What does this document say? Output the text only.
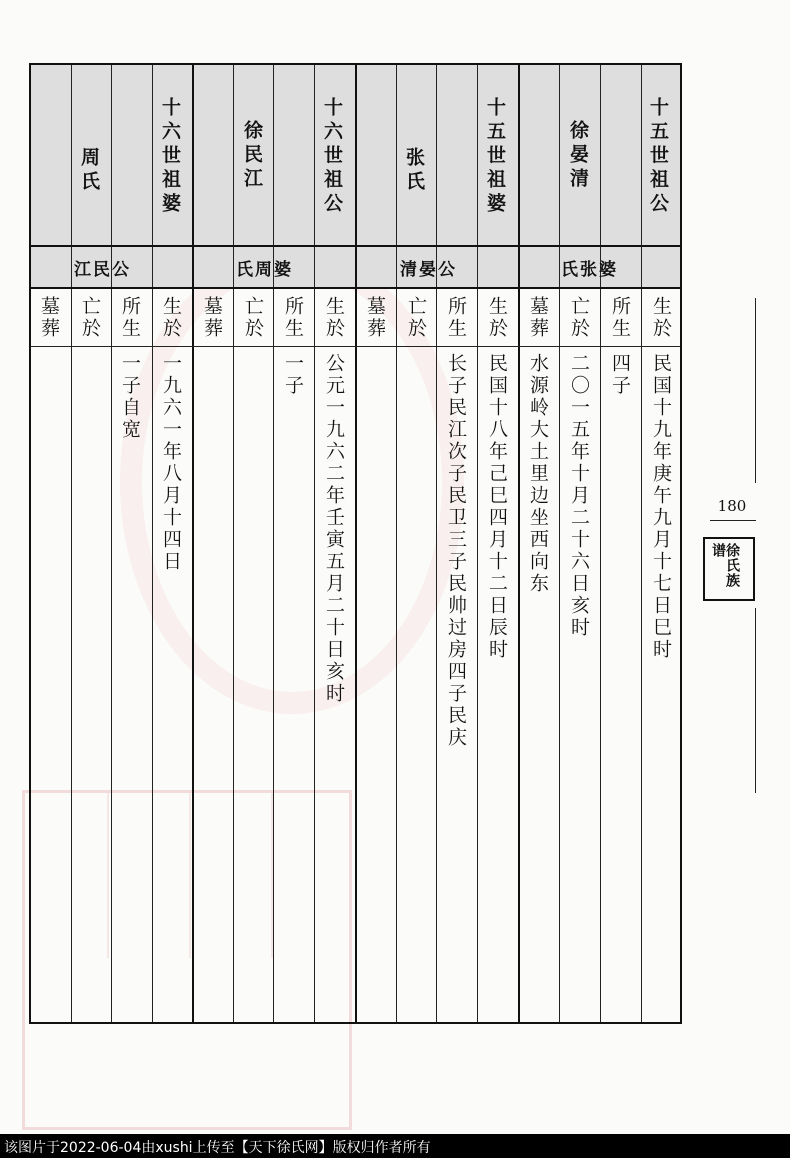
十五世祖公
徐晏清
十五世祖婆
张氏
十六世祖公
徐民江
十六世祖婆
周氏
氏张婆
清晏公
氏周婆
江民公
生於
所生
亡於
墓葬
生於
所生
亡於
墓葬
生於
所生
亡於
墓葬
生於
所生
亡於
墓葬
民国十九年庚午九月十七日巳时
四子
二〇一五年十月二十六日亥时
水源岭大土里边坐西向东
民国十八年己巳四月十二日辰时
长子民江次子民卫三子民帅过房四子民庆
公元一九六二年壬寅五月二十日亥时
一子
一九六一年八月十四日
一子自宽
180
徐氏族谱
该图片于2022-06-04由xushi上传至【天下徐氏网】版权归作者所有
